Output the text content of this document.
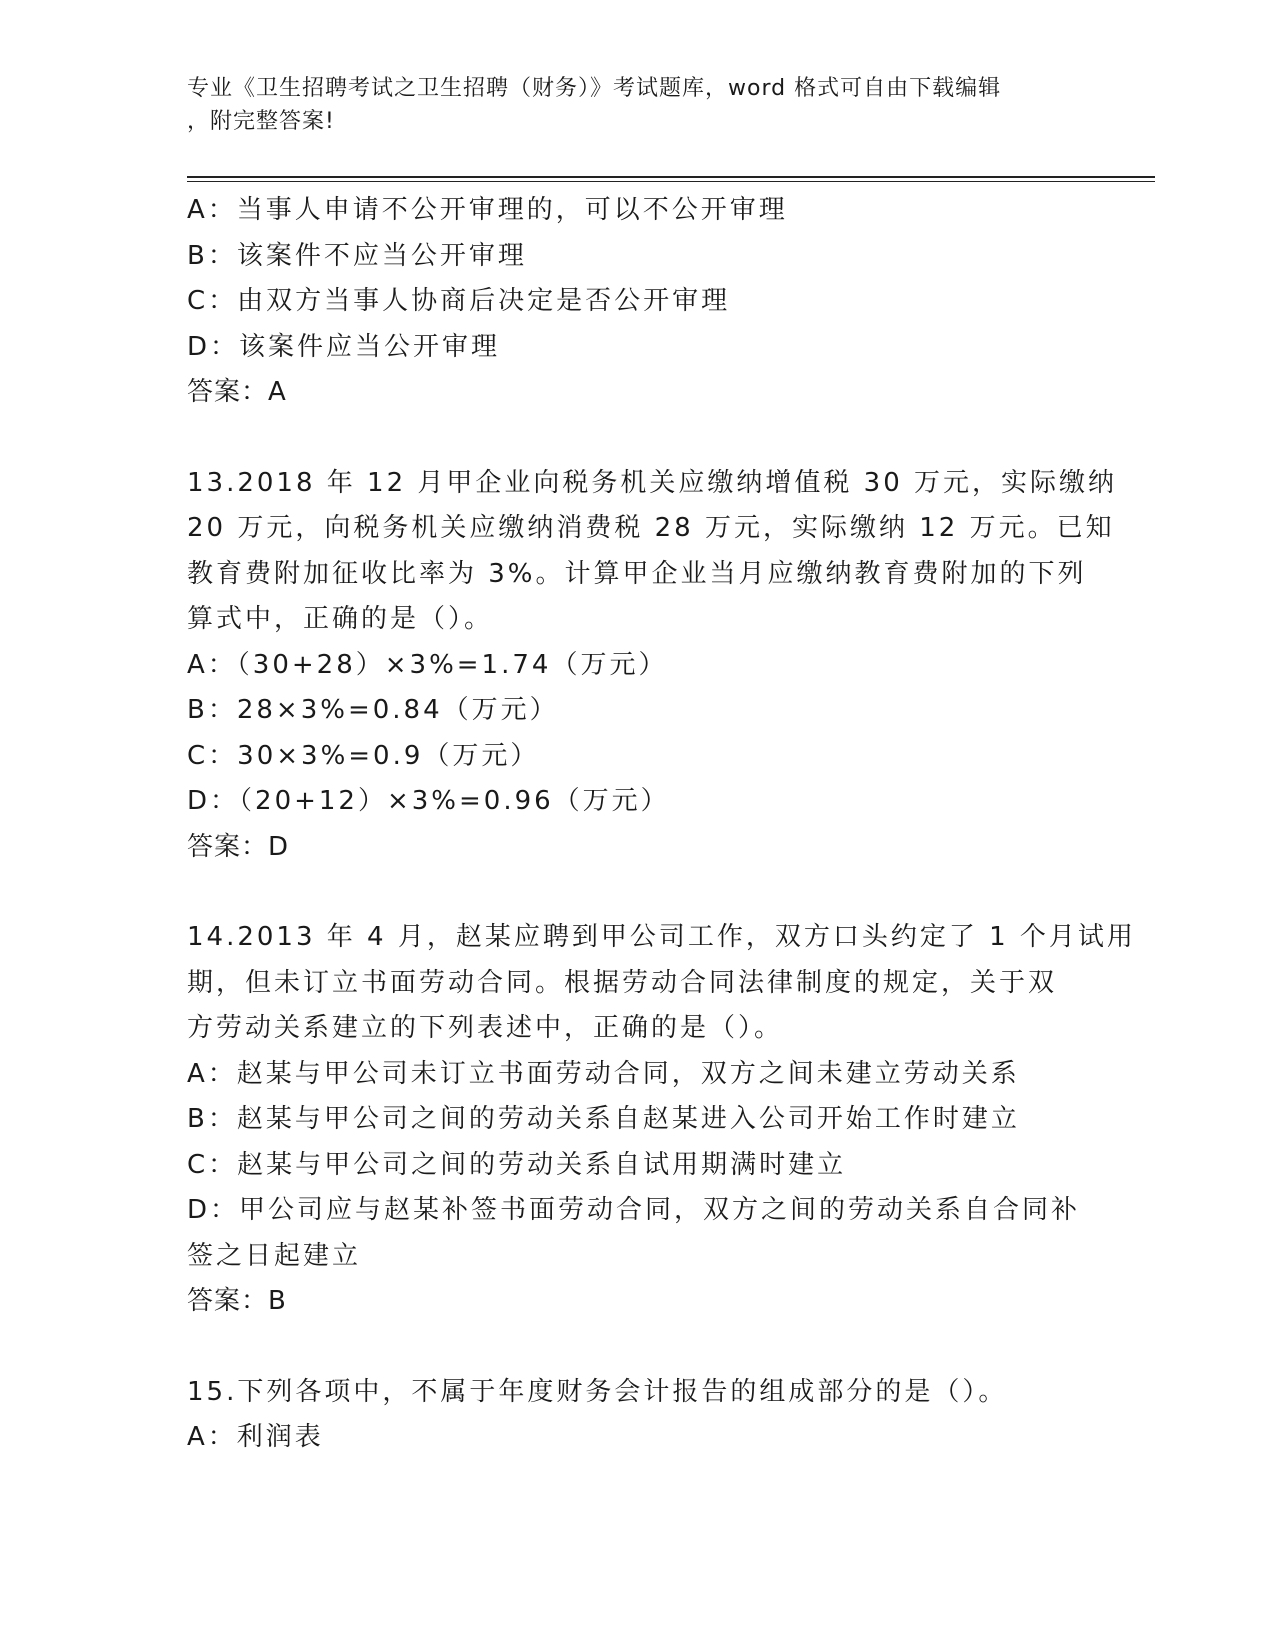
专业《卫生招聘考试之卫生招聘（财务）》考试题库，word 格式可自由下载编辑
，附完整答案!

A：当事人申请不公开审理的，可以不公开审理

B：该案件不应当公开审理

C：由双方当事人协商后决定是否公开审理

D：该案件应当公开审理

答案：A

13.2018 年 12 月甲企业向税务机关应缴纳增值税 30 万元，实际缴纳

20 万元，向税务机关应缴纳消费税 28 万元，实际缴纳 12 万元。已知

教育费附加征收比率为 3%。计算甲企业当月应缴纳教育费附加的下列

算式中，正确的是（）。

A：（30+28）×3%=1.74（万元）

B：28×3%=0.84（万元）

C：30×3%=0.9（万元）

D：（20+12）×3%=0.96（万元）

答案：D

14.2013 年 4 月，赵某应聘到甲公司工作，双方口头约定了 1 个月试用

期，但未订立书面劳动合同。根据劳动合同法律制度的规定，关于双

方劳动关系建立的下列表述中，正确的是（）。

A：赵某与甲公司未订立书面劳动合同，双方之间未建立劳动关系

B：赵某与甲公司之间的劳动关系自赵某进入公司开始工作时建立

C：赵某与甲公司之间的劳动关系自试用期满时建立

D：甲公司应与赵某补签书面劳动合同，双方之间的劳动关系自合同补

签之日起建立

答案：B

15.下列各项中，不属于年度财务会计报告的组成部分的是（）。

A：利润表
